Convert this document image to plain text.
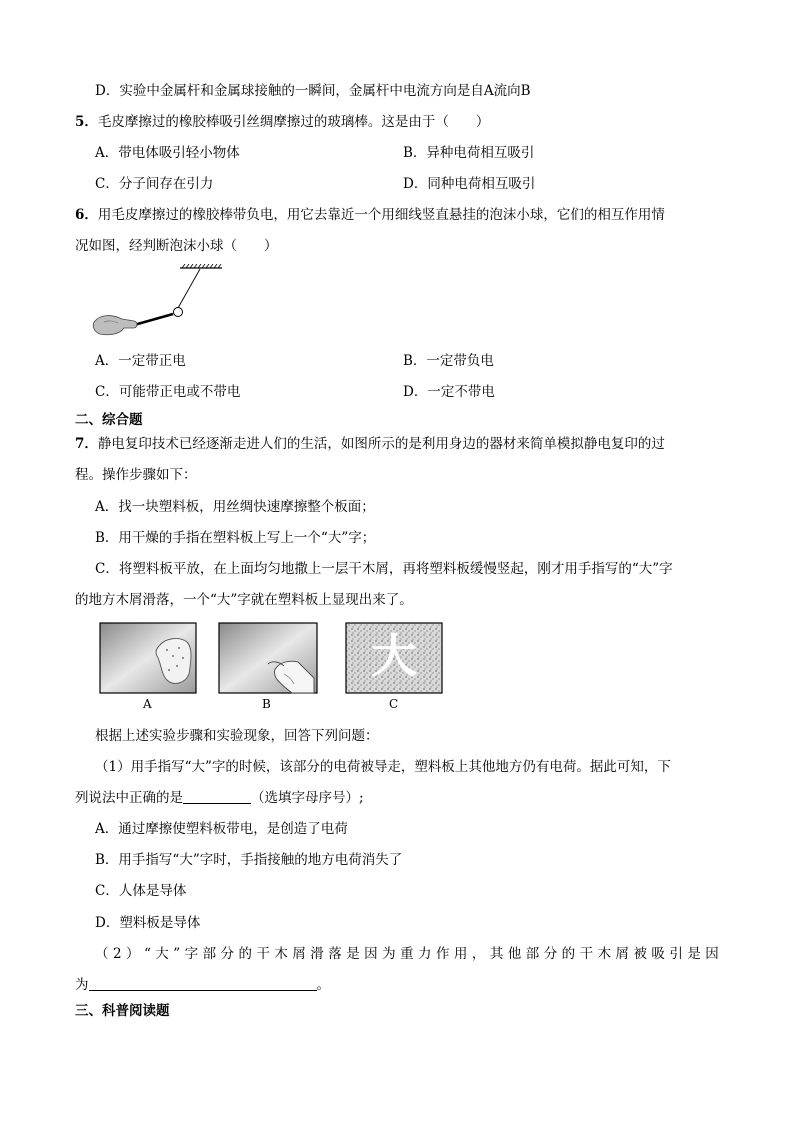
D．实验中金属杆和金属球接触的一瞬间，金属杆中电流方向是自A流向B
5．毛皮摩擦过的橡胶棒吸引丝绸摩擦过的玻璃棒。这是由于（　　）
A．带电体吸引轻小物体	B．异种电荷相互吸引
C．分子间存在引力	D．同种电荷相互吸引
6．用毛皮摩擦过的橡胶棒带负电，用它去靠近一个用细线竖直悬挂的泡沫小球，它们的相互作用情
况如图，经判断泡沫小球（　　）
A．一定带正电	B．一定带负电
C．可能带正电或不带电	D．一定不带电
二、综合题
7．静电复印技术已经逐渐走进人们的生活，如图所示的是利用身边的器材来简单模拟静电复印的过
程。操作步骤如下：
A．找一块塑料板，用丝绸快速摩擦整个板面；
B．用干燥的手指在塑料板上写上一个“大”字；
C．将塑料板平放，在上面均匀地撒上一层干木屑，再将塑料板缓慢竖起，刚才用手指写的“大”字
的地方木屑滑落，一个“大”字就在塑料板上显现出来了。
A	B
大
C
根据上述实验步骤和实验现象，回答下列问题：
（1）用手指写“大”字的时候，该部分的电荷被导走，塑料板上其他地方仍有电荷。据此可知，下
列说法中正确的是	（选填字母序号）;
A．通过摩擦使塑料板带电，是创造了电荷
B．用手指写“大”字时，手指接触的地方电荷消失了
C．人体是导体
D．塑料板是导体
（2）“大”字部分的干木屑滑落是因为重力作用，其他部分的干木屑被吸引是因
为	。
三、科普阅读题
